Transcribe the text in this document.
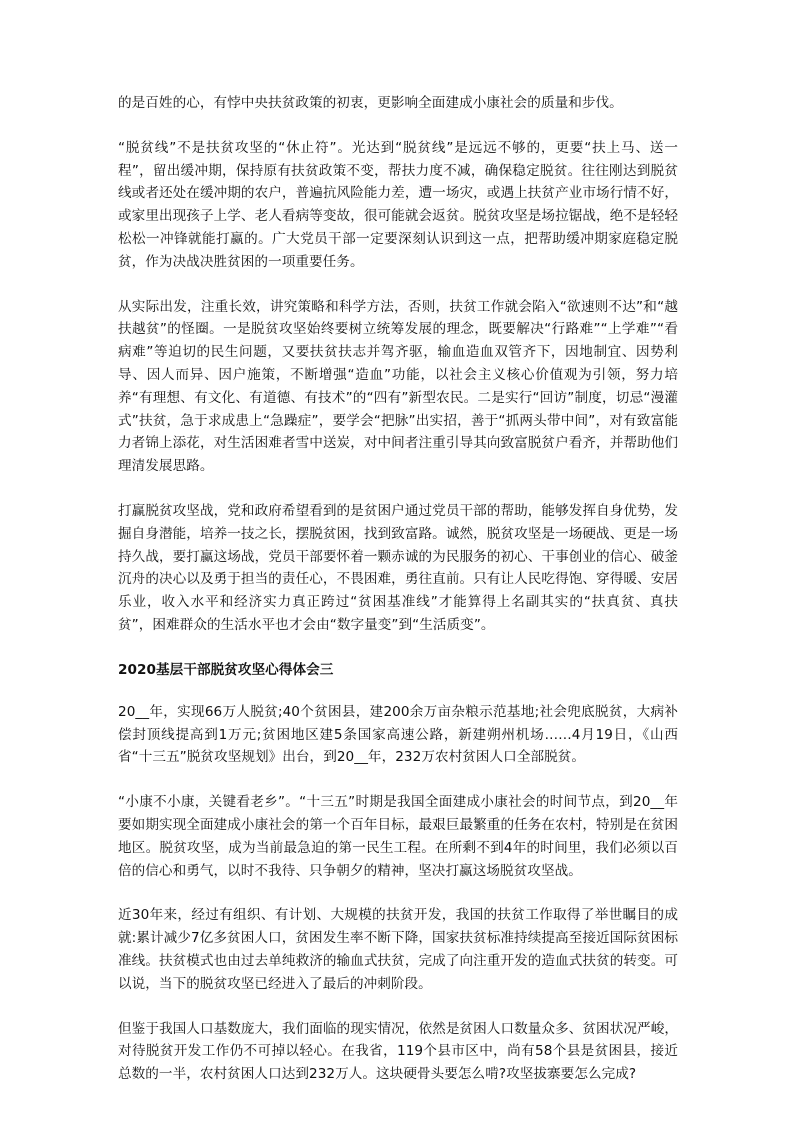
的是百姓的心，有悖中央扶贫政策的初衷，更影响全面建成小康社会的质量和步伐。

“脱贫线”不是扶贫攻坚的“休止符”。光达到“脱贫线”是远远不够的，更要“扶上马、送一程”，留出缓冲期，保持原有扶贫政策不变，帮扶力度不减，确保稳定脱贫。往往刚达到脱贫线或者还处在缓冲期的农户，普遍抗风险能力差，遭一场灾，或遇上扶贫产业市场行情不好，或家里出现孩子上学、老人看病等变故，很可能就会返贫。脱贫攻坚是场拉锯战，绝不是轻轻松松一冲锋就能打赢的。广大党员干部一定要深刻认识到这一点，把帮助缓冲期家庭稳定脱贫，作为决战决胜贫困的一项重要任务。

从实际出发，注重长效，讲究策略和科学方法，否则，扶贫工作就会陷入“欲速则不达”和“越扶越贫”的怪圈。一是脱贫攻坚始终要树立统筹发展的理念，既要解决“行路难”“上学难”“看病难”等迫切的民生问题，又要扶贫扶志并驾齐驱，输血造血双管齐下，因地制宜、因势利导、因人而异、因户施策，不断增强“造血”功能，以社会主义核心价值观为引领，努力培养“有理想、有文化、有道德、有技术”的“四有”新型农民。二是实行“回访”制度，切忌“漫灌式”扶贫，急于求成患上“急躁症”，要学会“把脉”出实招，善于“抓两头带中间”，对有致富能力者锦上添花，对生活困难者雪中送炭，对中间者注重引导其向致富脱贫户看齐，并帮助他们理清发展思路。

打赢脱贫攻坚战，党和政府希望看到的是贫困户通过党员干部的帮助，能够发挥自身优势，发掘自身潜能，培养一技之长，摆脱贫困，找到致富路。诚然，脱贫攻坚是一场硬战、更是一场持久战，要打赢这场战，党员干部要怀着一颗赤诚的为民服务的初心、干事创业的信心、破釜沉舟的决心以及勇于担当的责任心，不畏困难，勇往直前。只有让人民吃得饱、穿得暖、安居乐业，收入水平和经济实力真正跨过“贫困基准线”才能算得上名副其实的“扶真贫、真扶贫”，困难群众的生活水平也才会由“数字量变”到“生活质变”。

2020基层干部脱贫攻坚心得体会三

20__年，实现66万人脱贫;40个贫困县，建200余万亩杂粮示范基地;社会兜底脱贫，大病补偿封顶线提高到1万元;贫困地区建5条国家高速公路，新建朔州机场……4月19日，《山西省“十三五”脱贫攻坚规划》出台，到20__年，232万农村贫困人口全部脱贫。

“小康不小康，关键看老乡”。“十三五”时期是我国全面建成小康社会的时间节点，到20__年要如期实现全面建成小康社会的第一个百年目标，最艰巨最繁重的任务在农村，特别是在贫困地区。脱贫攻坚，成为当前最急迫的第一民生工程。在所剩不到4年的时间里，我们必须以百倍的信心和勇气，以时不我待、只争朝夕的精神，坚决打赢这场脱贫攻坚战。

近30年来，经过有组织、有计划、大规模的扶贫开发，我国的扶贫工作取得了举世瞩目的成就:累计减少7亿多贫困人口，贫困发生率不断下降，国家扶贫标准持续提高至接近国际贫困标准线。扶贫模式也由过去单纯救济的输血式扶贫，完成了向注重开发的造血式扶贫的转变。可以说，当下的脱贫攻坚已经进入了最后的冲刺阶段。

但鉴于我国人口基数庞大，我们面临的现实情况，依然是贫困人口数量众多、贫困状况严峻，对待脱贫开发工作仍不可掉以轻心。在我省，119个县市区中，尚有58个县是贫困县，接近总数的一半，农村贫困人口达到232万人。这块硬骨头要怎么啃?攻坚拔寨要怎么完成?
